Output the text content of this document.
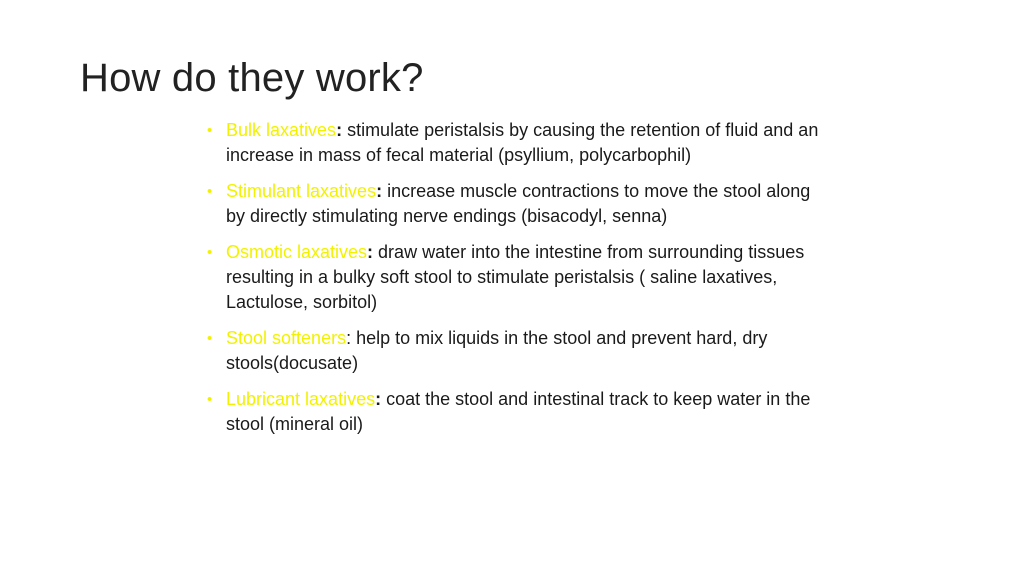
How do they work?
• Bulk laxatives: stimulate peristalsis by causing the retention of fluid and an increase in mass of fecal material (psyllium, polycarbophil)
• Stimulant laxatives: increase muscle contractions to move the stool along by directly stimulating nerve endings (bisacodyl, senna)
• Osmotic laxatives: draw water into the intestine from surrounding tissues resulting in a bulky soft stool to stimulate peristalsis ( saline laxatives, Lactulose, sorbitol)
• Stool softeners: help to mix liquids in the stool and prevent hard, dry stools(docusate)
• Lubricant laxatives: coat the stool and intestinal track to keep water in the stool (mineral oil)
